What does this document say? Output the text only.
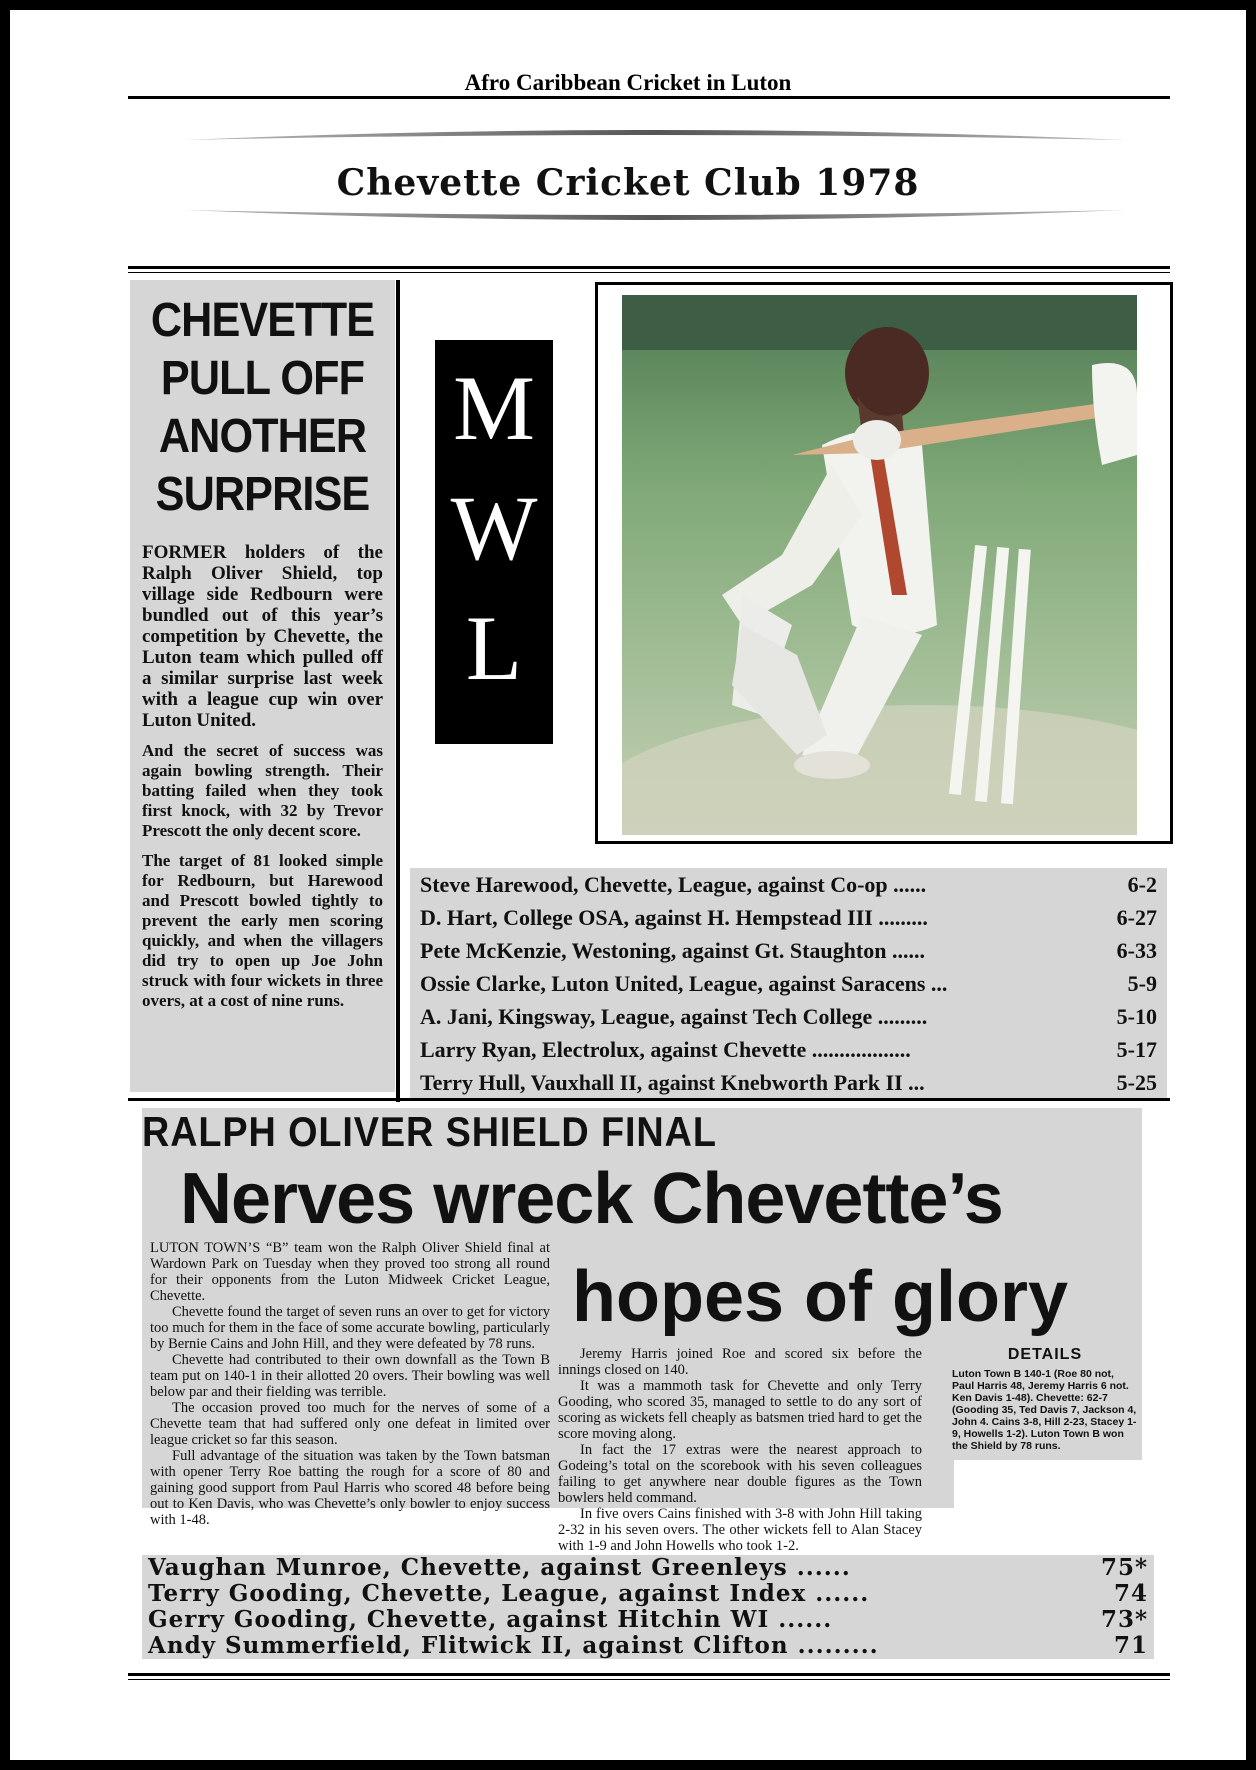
Afro Caribbean Cricket in Luton
Chevette Cricket Club 1978
CHEVETTE
PULL OFF
ANOTHER
SURPRISE

FORMER holders of the Ralph Oliver Shield, top village side Redbourn were bundled out of this year’s competition by Chevette, the Luton team which pulled off a similar surprise last week with a league cup win over Luton United.

And the secret of success was again bowling strength. Their batting failed when they took first knock, with 32 by Trevor Prescott the only decent score.

The target of 81 looked simple for Redbourn, but Harewood and Prescott bowled tightly to prevent the early men scoring quickly, and when the villagers did try to open up Joe John struck with four wickets in three overs, at a cost of nine runs.

M
W
L
Steve Harewood, Chevette, League, against Co-op ......	6-2
D. Hart, College OSA, against H. Hempstead III .........	6-27
Pete McKenzie, Westoning, against Gt. Staughton ......	6-33
Ossie Clarke, Luton United, League, against Saracens ...	5-9
A. Jani, Kingsway, League, against Tech College .........	5-10
Larry Ryan, Electrolux, against Chevette ..................	5-17
Terry Hull, Vauxhall II, against Knebworth Park II ...	5-25
RALPH OLIVER SHIELD FINAL
Nerves wreck Chevette’s
hopes of glory

LUTON TOWN’S “B” team won the Ralph Oliver Shield final at Wardown Park on Tuesday when they proved too strong all round for their opponents from the Luton Midweek Cricket League, Chevette.

Chevette found the target of seven runs an over to get for victory too much for them in the face of some accurate bowling, particularly by Bernie Cains and John Hill, and they were defeated by 78 runs.

Chevette had contributed to their own downfall as the Town B team put on 140-1 in their allotted 20 overs. Their bowling was well below par and their fielding was terrible.

The occasion proved too much for the nerves of some of a Chevette team that had suffered only one defeat in limited over league cricket so far this season.

Full advantage of the situation was taken by the Town batsman with opener Terry Roe batting the rough for a score of 80 and gaining good support from Paul Harris who scored 48 before being out to Ken Davis, who was Chevette’s only bowler to enjoy success with 1-48.

Jeremy Harris joined Roe and scored six before the innings closed on 140.

It was a mammoth task for Chevette and only Terry Gooding, who scored 35, managed to settle to do any sort of scoring as wickets fell cheaply as batsmen tried hard to get the score moving along.

In fact the 17 extras were the nearest approach to Godeing’s total on the scorebook with his seven colleagues failing to get anywhere near double figures as the Town bowlers held command.

In five overs Cains finished with 3-8 with John Hill taking 2-32 in his seven overs. The other wickets fell to Alan Stacey with 1-9 and John Howells who took 1-2.

DETAILS
Luton Town B 140-1 (Roe 80 not, Paul Harris 48, Jeremy Harris 6 not. Ken Davis 1-48). Chevette: 62-7 (Gooding 35, Ted Davis 7, Jackson 4, John 4. Cains 3-8, Hill 2-23, Stacey 1-9, Howells 1-2). Luton Town B won the Shield by 78 runs.
Vaughan Munroe, Chevette, against Greenleys ......	75*
Terry Gooding, Chevette, League, against Index ......	74
Gerry Gooding, Chevette, against Hitchin WI ......	73*
Andy Summerfield, Flitwick II, against Clifton .........	71
